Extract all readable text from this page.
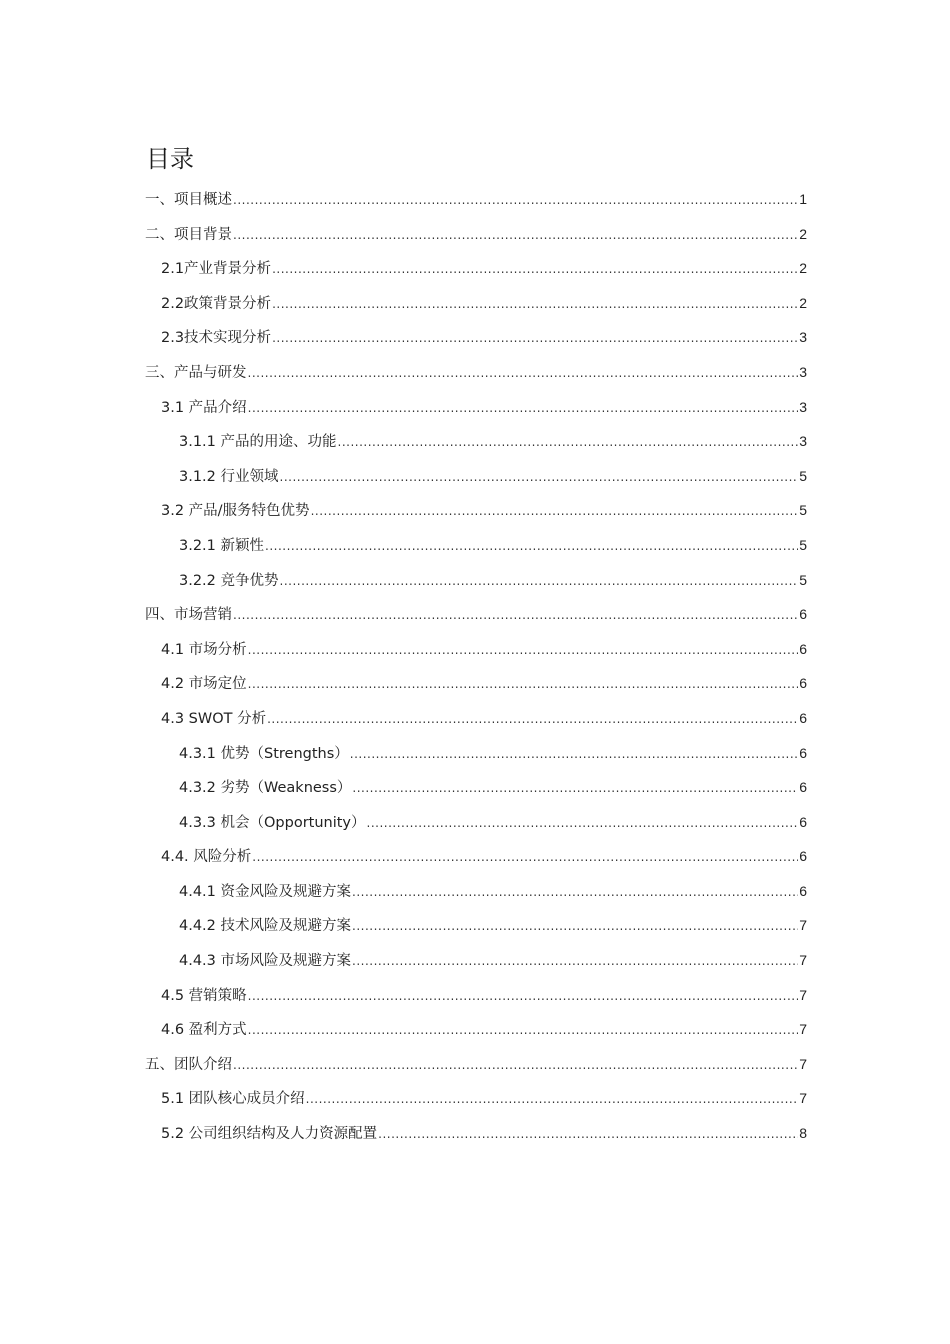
目录
一、项目概述 .....	1
二、项目背景 .....	2
2.1产业背景分析 .....	2
2.2政策背景分析 .....	2
2.3技术实现分析 .....	3
三、产品与研发 .....	3
3.1 产品介绍 .....	3
3.1.1 产品的用途、功能 .....	3
3.1.2 行业领域 .....	5
3.2 产品/服务特色优势 .....	5
3.2.1 新颖性 .....	5
3.2.2 竞争优势 .....	5
四、市场营销 .....	6
4.1 市场分析 .....	6
4.2 市场定位 .....	6
4.3 SWOT 分析 .....	6
4.3.1 优势（Strengths） .....	6
4.3.2 劣势（Weakness） .....	6
4.3.3 机会（Opportunity） .....	6
4.4. 风险分析 .....	6
4.4.1 资金风险及规避方案 .....	6
4.4.2 技术风险及规避方案 .....	7
4.4.3 市场风险及规避方案 .....	7
4.5 营销策略 .....	7
4.6 盈利方式 .....	7
五、团队介绍 .....	7
5.1 团队核心成员介绍 .....	7
5.2 公司组织结构及人力资源配置 .....	8
